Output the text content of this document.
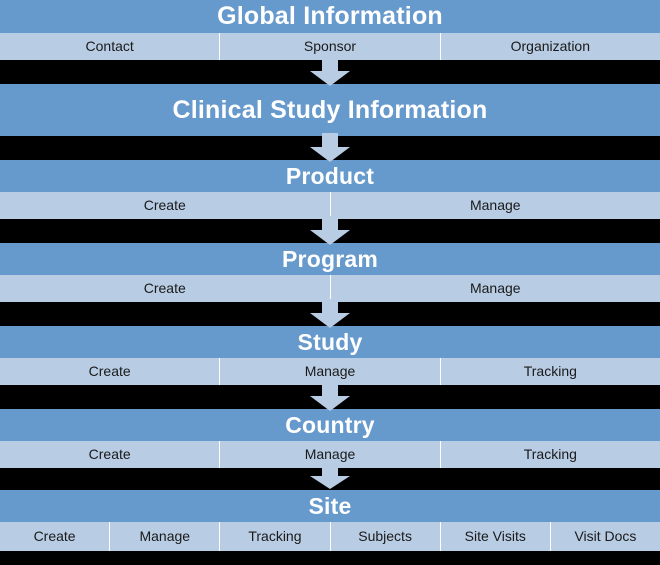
Global Information
Contact	Sponsor	Organization
Clinical Study Information
Product
Create	Manage
Program
Create	Manage
Study
Create	Manage	Tracking
Country
Create	Manage	Tracking
Site
Create	Manage	Tracking	Subjects	Site Visits	Visit Docs
